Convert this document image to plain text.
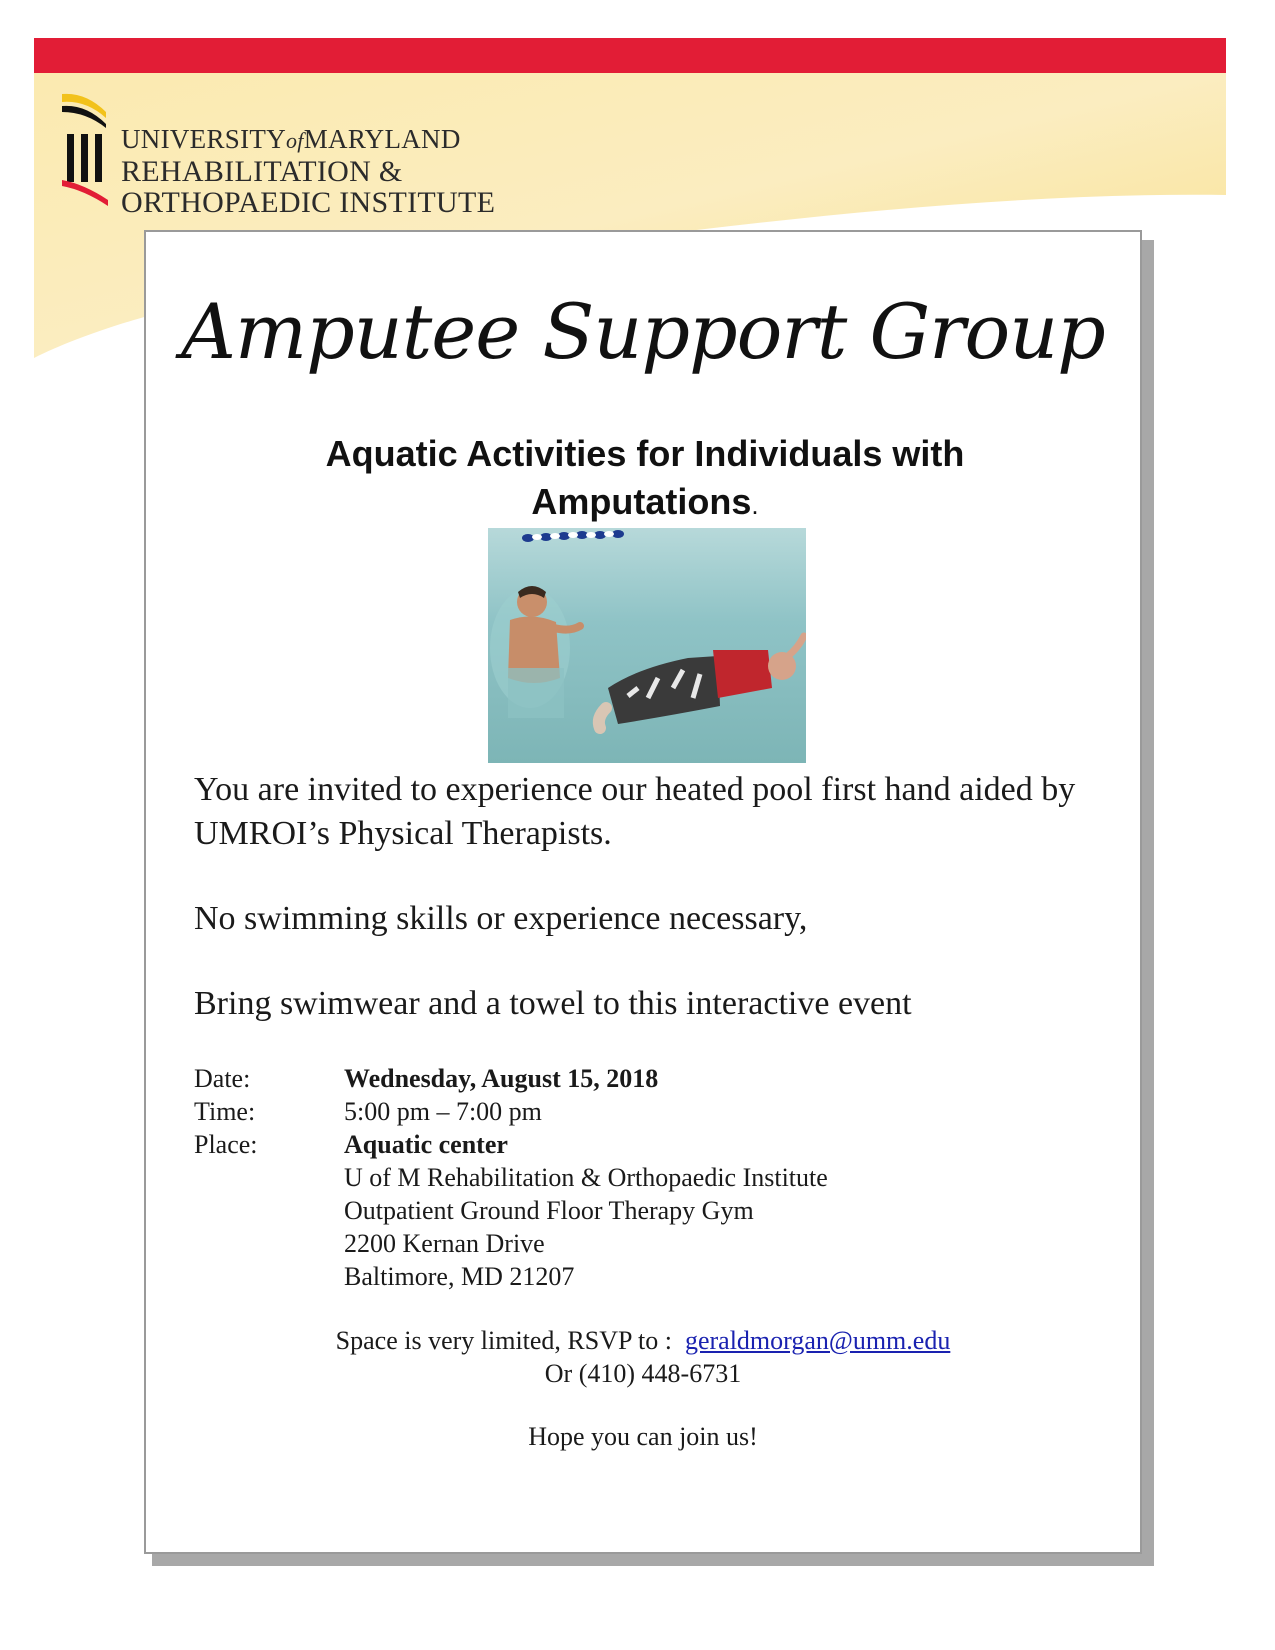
UNIVERSITYofMARYLAND
REHABILITATION &
ORTHOPAEDIC INSTITUTE
Amputee Support Group
Aquatic Activities for Individuals with
Amputations.
You are invited to experience our heated pool first hand aided by UMROI’s Physical Therapists.
No swimming skills or experience necessary,
Bring swimwear and a towel to this interactive event
Date:	Wednesday, August 15, 2018
Time:	5:00 pm – 7:00 pm
Place:	Aquatic center
U of M Rehabilitation & Orthopaedic Institute
Outpatient Ground Floor Therapy Gym
2200 Kernan Drive
Baltimore, MD 21207
Space is very limited, RSVP to : geraldmorgan@umm.edu
Or (410) 448-6731
Hope you can join us!
